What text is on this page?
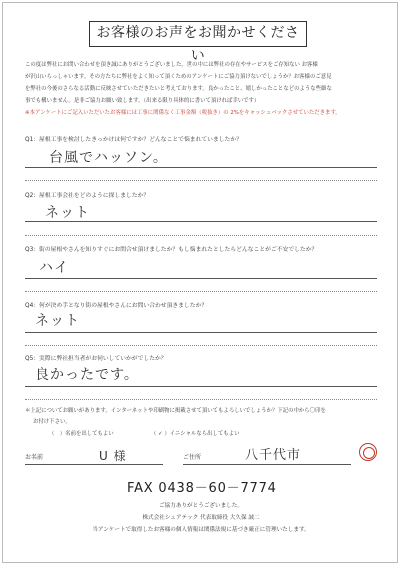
お客様のお声をお聞かせください
この度は弊社にお問い合わせを頂き誠にありがとうございました。世の中には弊社の存在やサービスをご存知ない お客様
が沢山いらっしゃいます。その方たちに弊社をよく知って頂くためのアンケートにご協力頂けないでしょうか？お客様のご意見
を弊社の今後のさらなる活動に反映させていただきたいと考えております。良かったこと、嬉しかったことなどのような些細な
事でも構いません。是非ご協力お願い致します。（出来る限り具体的に書いて頂ければ幸いです）
※本アンケートにご記入いただいたお客様には工事に関係なく工事金額（税抜き）の 2%をキャッシュバックさせていただきます。
Q1：屋根工事を検討したきっかけは何ですか？どんなことで悩まれていましたか？
台風でハッソン。
Q2：屋根工事会社をどのように探しましたか？
ネット
Q3：街の屋根やさんを知りすぐにお問合せ頂けましたか？もし悩まれたとしたらどんなことがご不安でしたか？
ハイ
Q4：何が決め手となり街の屋根やさんにお問い合わせ頂きましたか？
ネット
Q5：実際に弊社担当者がお伺いしていかがでしたか？
良かったです。
＊上記についてお願いがあります。インターネットや印刷物に掲載させて頂いてもよろしいでしょうか？下記の中から〇印を
お付け下さい。
（　）名前を出してもよい	（ ✓ ）イニシャルなら出してもよい
お名前	U 様	ご住所	八千代市
FAX 0438－60－7774
ご協力ありがとうございました。
株式会社シェアテック 代表取締役 大久保 誠二
当アンケートで取得したお客様の個人情報は関係法規に基づき厳正に管理いたします。
